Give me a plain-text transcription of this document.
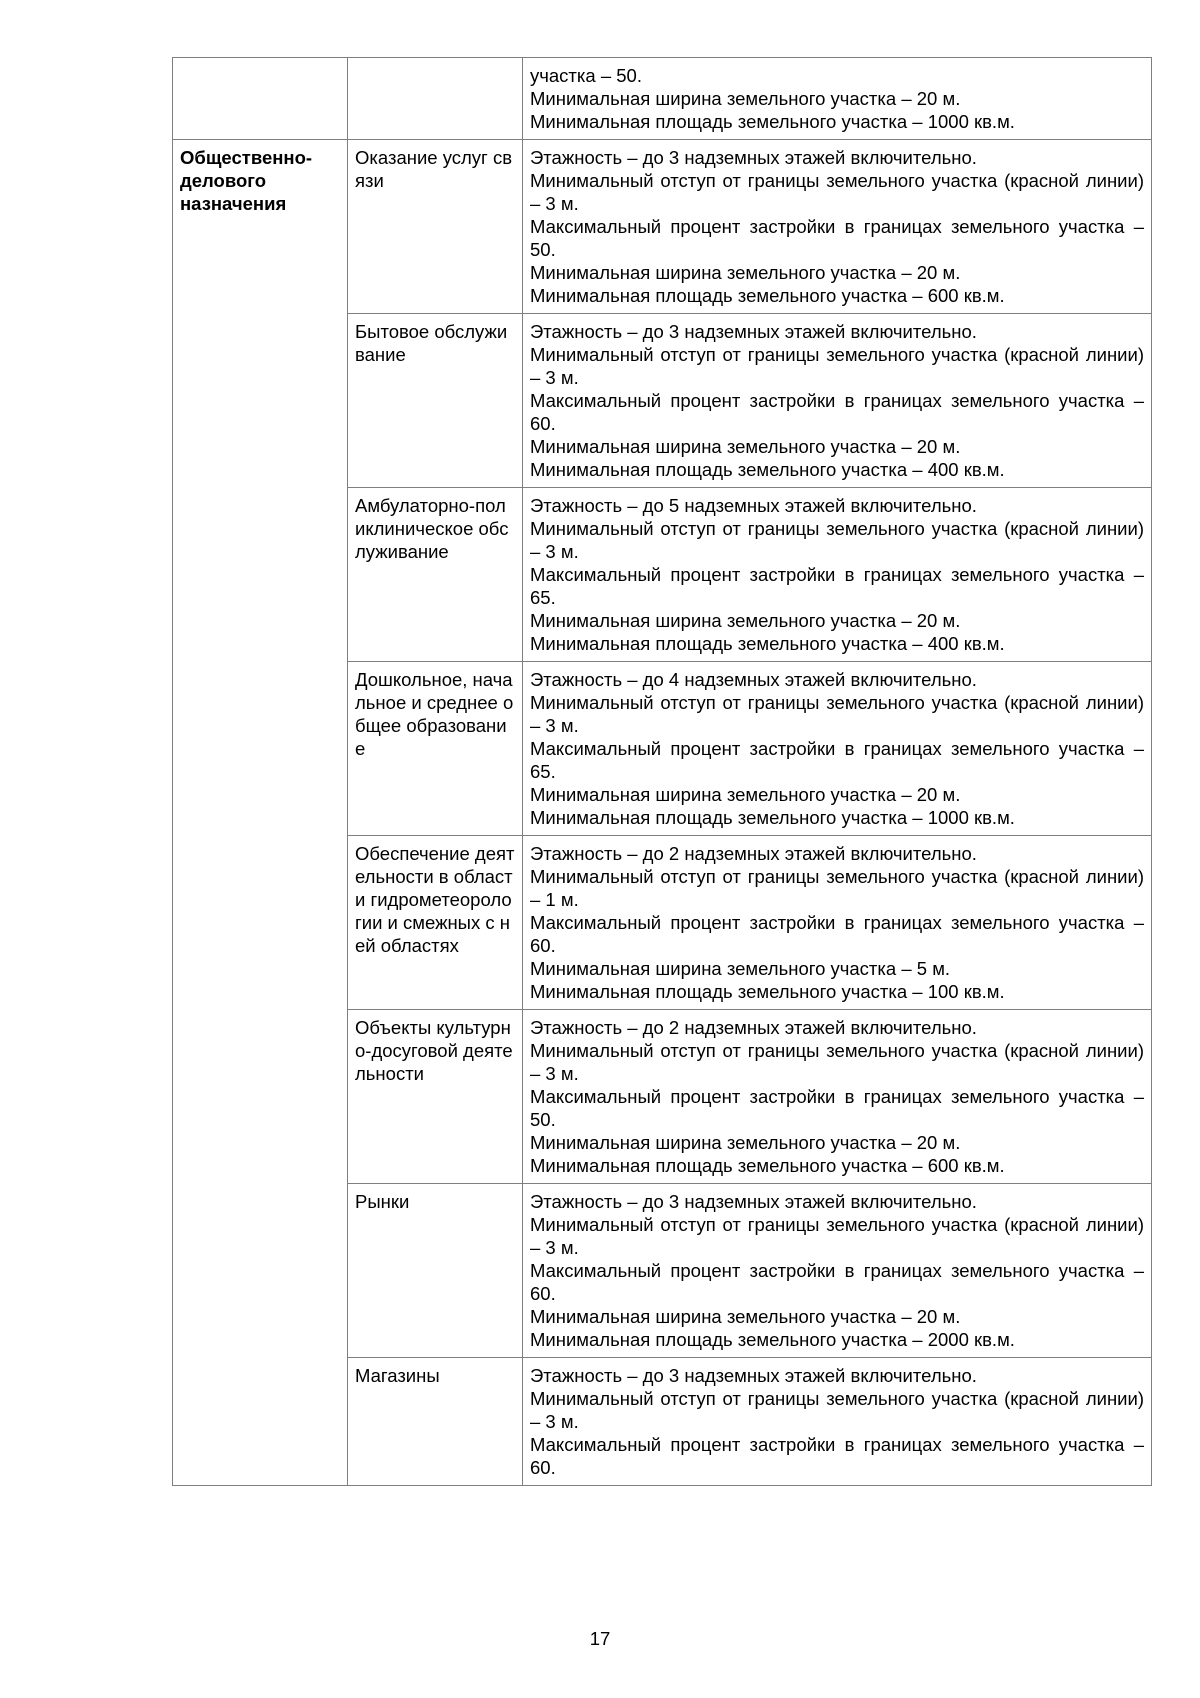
		участка – 50.

Минимальная ширина земельного участка – 20 м.

Минимальная площадь земельного участка – 1000 кв.м.

Общественно-делового назначения	Оказание услуг связи	Этажность – до 3 надземных этажей включительно.

Минимальный отступ от границы земельного участка (красной линии) – 3 м.

Максимальный процент застройки в границах земельного участка – 50.

Минимальная ширина земельного участка – 20 м.

Минимальная площадь земельного участка – 600 кв.м.

	Бытовое обслуживание	Этажность – до 3 надземных этажей включительно.

Минимальный отступ от границы земельного участка (красной линии) – 3 м.

Максимальный процент застройки в границах земельного участка – 60.

Минимальная ширина земельного участка – 20 м.

Минимальная площадь земельного участка – 400 кв.м.

	Амбулаторно-поликлиническое обслуживание	Этажность – до 5 надземных этажей включительно.

Минимальный отступ от границы земельного участка (красной линии) – 3 м.

Максимальный процент застройки в границах земельного участка – 65.

Минимальная ширина земельного участка – 20 м.

Минимальная площадь земельного участка – 400 кв.м.

	Дошкольное, начальное и среднее общее образование	Этажность – до 4 надземных этажей включительно.

Минимальный отступ от границы земельного участка (красной линии) – 3 м.

Максимальный процент застройки в границах земельного участка – 65.

Минимальная ширина земельного участка – 20 м.

Минимальная площадь земельного участка – 1000 кв.м.

	Обеспечение деятельности в области гидрометеорологии и смежных с ней областях	Этажность – до 2 надземных этажей включительно.

Минимальный отступ от границы земельного участка (красной линии) – 1 м.

Максимальный процент застройки в границах земельного участка – 60.

Минимальная ширина земельного участка – 5 м.

Минимальная площадь земельного участка – 100 кв.м.

	Объекты культурно-досуговой деятельности	Этажность – до 2 надземных этажей включительно.

Минимальный отступ от границы земельного участка (красной линии) – 3 м.

Максимальный процент застройки в границах земельного участка – 50.

Минимальная ширина земельного участка – 20 м.

Минимальная площадь земельного участка – 600 кв.м.

	Рынки	Этажность – до 3 надземных этажей включительно.

Минимальный отступ от границы земельного участка (красной линии) – 3 м.

Максимальный процент застройки в границах земельного участка – 60.

Минимальная ширина земельного участка – 20 м.

Минимальная площадь земельного участка – 2000 кв.м.

	Магазины	Этажность – до 3 надземных этажей включительно.

Минимальный отступ от границы земельного участка (красной линии) – 3 м.

Максимальный процент застройки в границах земельного участка – 60.

17
